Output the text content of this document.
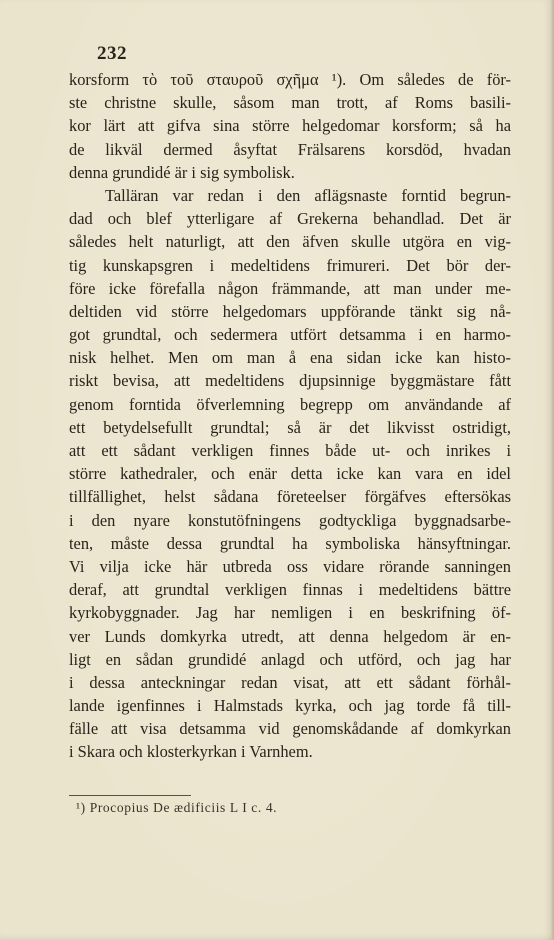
232
korsform τὸ τοῦ σταυροῦ σχῆμα ¹). Om således de för-
ste christne skulle, såsom man trott, af Roms basili-
kor lärt att gifva sina större helgedomar korsform; så ha
de likväl dermed åsyftat Frälsarens korsdöd, hvadan
denna grundidé är i sig symbolisk.
Talläran var redan i den aflägsnaste forntid begrun-
dad och blef ytterligare af Grekerna behandlad. Det är
således helt naturligt, att den äfven skulle utgöra en vig-
tig kunskapsgren i medeltidens frimureri. Det bör der-
före icke förefalla någon främmande, att man under me-
deltiden vid större helgedomars uppförande tänkt sig nå-
got grundtal, och sedermera utfört detsamma i en harmo-
nisk helhet. Men om man å ena sidan icke kan histo-
riskt bevisa, att medeltidens djupsinnige byggmästare fått
genom forntida öfverlemning begrepp om användande af
ett betydelsefullt grundtal; så är det likvisst ostridigt,
att ett sådant verkligen finnes både ut- och inrikes i
större kathedraler, och enär detta icke kan vara en idel
tillfällighet, helst sådana företeelser förgäfves eftersökas
i den nyare konstutöfningens godtyckliga byggnadsarbe-
ten, måste dessa grundtal ha symboliska hänsyftningar.
Vi vilja icke här utbreda oss vidare rörande sanningen
deraf, att grundtal verkligen finnas i medeltidens bättre
kyrkobyggnader. Jag har nemligen i en beskrifning öf-
ver Lunds domkyrka utredt, att denna helgedom är en-
ligt en sådan grundidé anlagd och utförd, och jag har
i dessa anteckningar redan visat, att ett sådant förhål-
lande igenfinnes i Halmstads kyrka, och jag torde få till-
fälle att visa detsamma vid genomskådande af domkyrkan
i Skara och klosterkyrkan i Varnhem.
¹) Procopius De ædificiis L I c. 4.
